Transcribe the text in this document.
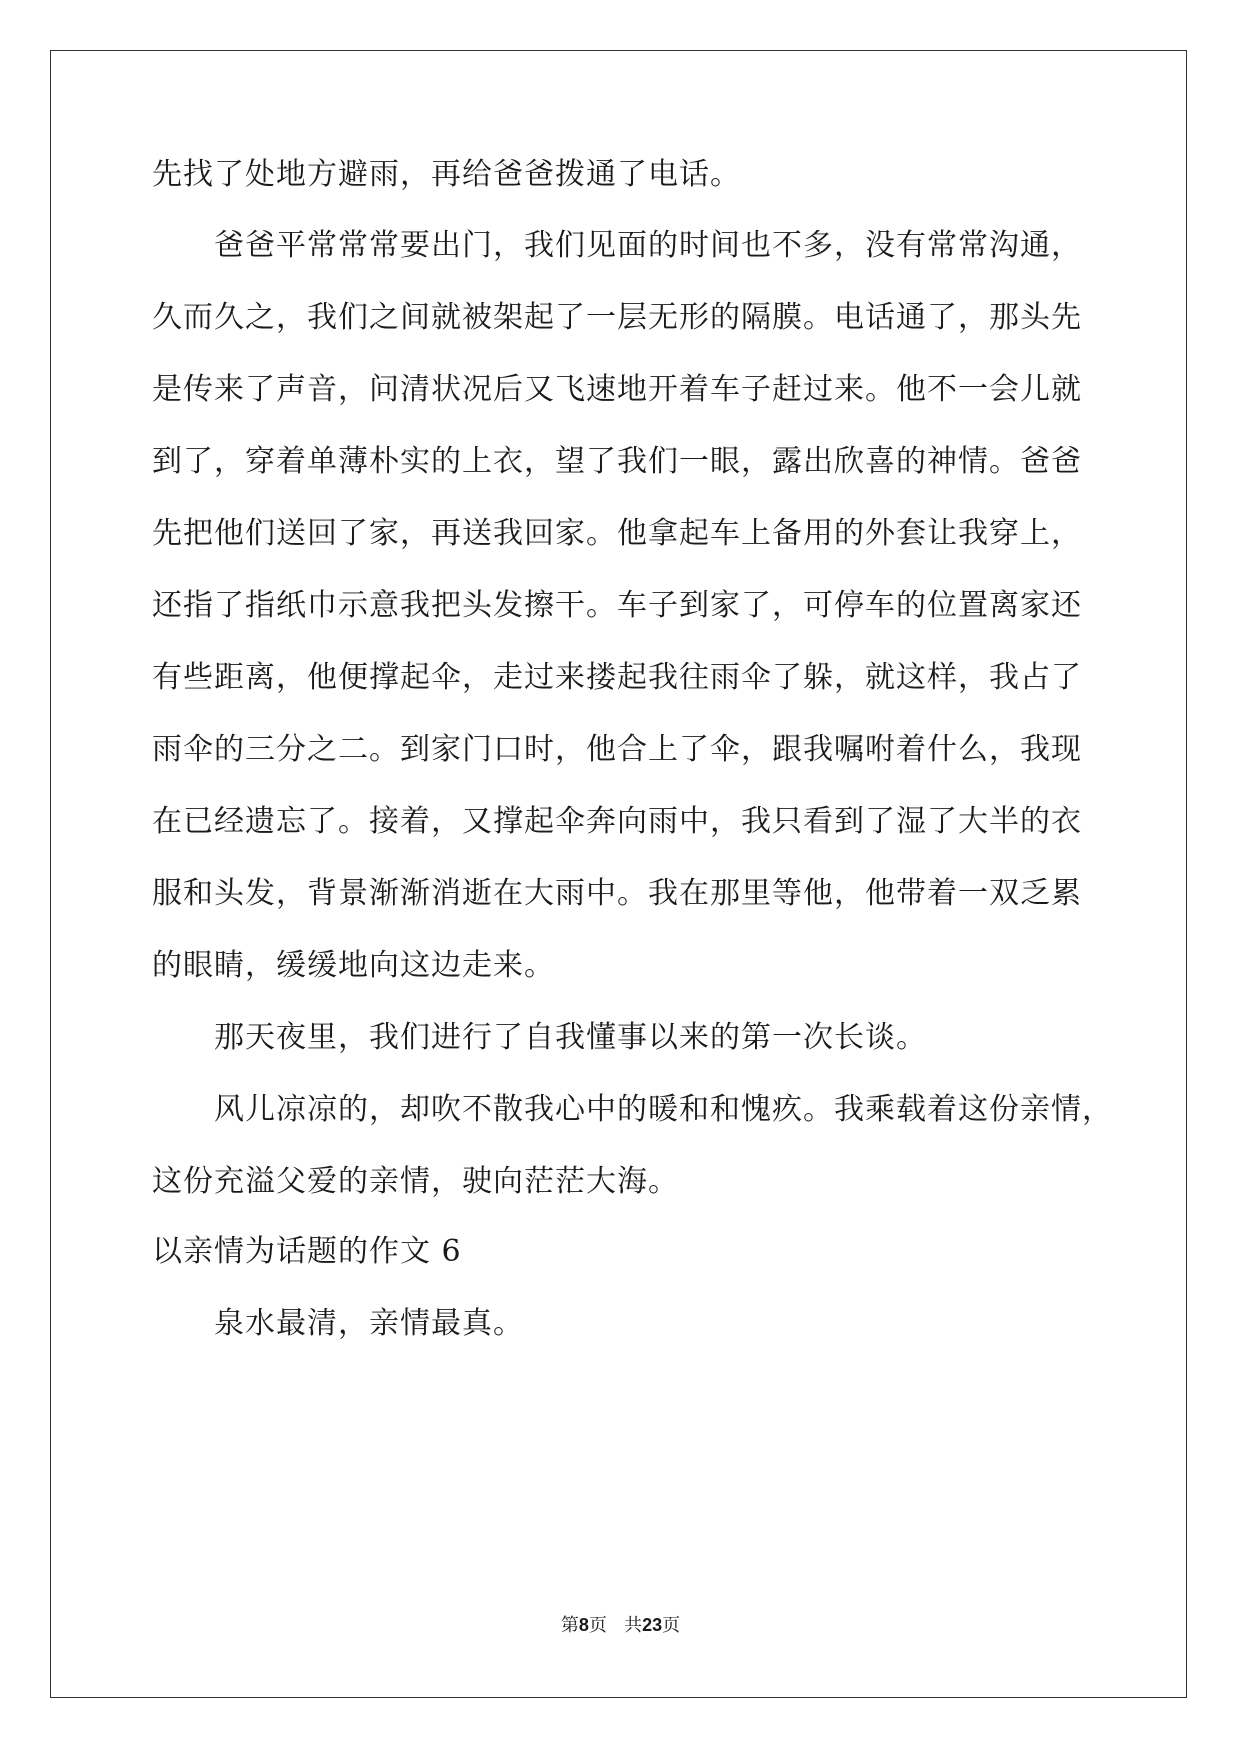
先找了处地方避雨，再给爸爸拨通了电话。
爸爸平常常常要出门，我们见面的时间也不多，没有常常沟通，
久而久之，我们之间就被架起了一层无形的隔膜。电话通了，那头先
是传来了声音，问清状况后又飞速地开着车子赶过来。他不一会儿就
到了，穿着单薄朴实的上衣，望了我们一眼，露出欣喜的神情。爸爸
先把他们送回了家，再送我回家。他拿起车上备用的外套让我穿上，
还指了指纸巾示意我把头发擦干。车子到家了，可停车的位置离家还
有些距离，他便撑起伞，走过来搂起我往雨伞了躲，就这样，我占了
雨伞的三分之二。到家门口时，他合上了伞，跟我嘱咐着什么，我现
在已经遗忘了。接着，又撑起伞奔向雨中，我只看到了湿了大半的衣
服和头发，背景渐渐消逝在大雨中。我在那里等他，他带着一双乏累
的眼睛，缓缓地向这边走来。
那天夜里，我们进行了自我懂事以来的第一次长谈。
风儿凉凉的，却吹不散我心中的暖和和愧疚。我乘载着这份亲情，
这份充溢父爱的亲情，驶向茫茫大海。
以亲情为话题的作文 6
泉水最清，亲情最真。
第8页 共23页
